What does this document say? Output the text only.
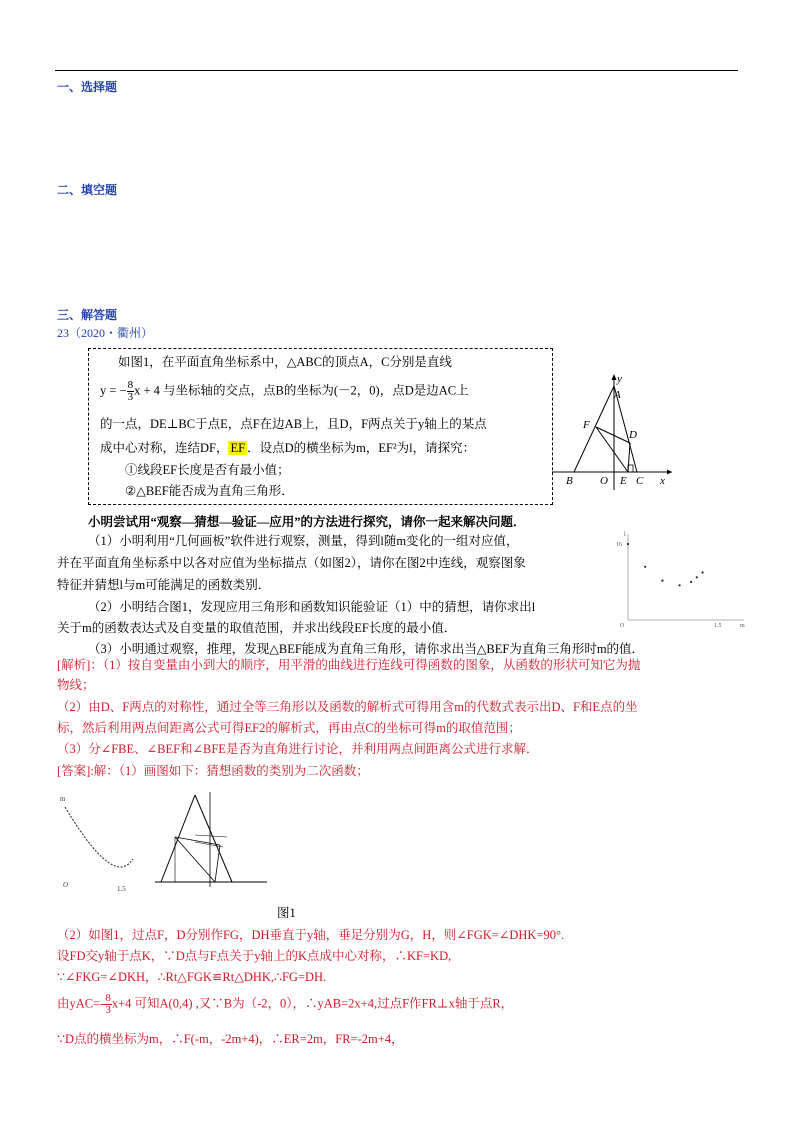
一、选择题
二、填空题
三、解答题
23（2020・衢州）
如图1，在平面直角坐标系中，△ABC的顶点A，C分别是直线
y = − $\frac{8}{3}$ x + 4 与坐标轴的交点，点B的坐标为(－2，0)，点D是边AC上
的一点，DE⊥BC于点E，点F在边AB上，且D，F两点关于y轴上的某点
成中心对称，连结DF， EF ．设点D的横坐标为m，EF²为l，请探究：
①线段EF长度是否有最小值；
②△BEF能否成为直角三角形．
y
A
F
D
B O E C x
小明尝试用“观察—猜想—验证—应用”的方法进行探究，请你一起来解决问题．
（1）小明利用“几何画板”软件进行观察，测量，得到l随m变化的一组对应值，
并在平面直角坐标系中以各对应值为坐标描点（如图2），请你在图2中连线，观察图象
特征并猜想l与m可能满足的函数类别．
（2）小明结合图1，发现应用三角形和函数知识能验证（1）中的猜想，请你求出l
关于m的函数表达式及自变量的取值范围，并求出线段EF长度的最小值．
（3）小明通过观察，推理，发现△BEF能成为直角三角形，请你求出当△BEF为直角三角形时m的值．
l
16
O	1.5	m
[解析]：（1）按自变量由小到大的顺序，用平滑的曲线进行连线可得函数的图象，从函数的形状可知它为抛
物线；
（2）由D、F两点的对称性，通过全等三角形以及函数的解析式可得用含m的代数式表示出D、F和E点的坐
标，然后利用两点间距离公式可得EF2的解析式，再由点C的坐标可得m的取值范围；
（3）分∠FBE、∠BEF和∠BFE是否为直角进行讨论，并利用两点间距离公式进行求解．
[答案]:解：（1）画图如下：猜想函数的类别为二次函数；
m
O	1.5
图1
（2）如图1，过点F，D分别作FG，DH垂直于y轴，垂足分别为G，H，则∠FGK=∠DHK=90°.
设FD交y轴于点K，∵D点与F点关于y轴上的K点成中心对称，∴KF=KD,
∵∠FKG=∠DKH，∴Rt△FGK≌Rt△DHK,∴FG=DH.
由$yAC=- \frac{8}{3} x+4$ 可知A(0,4) ,又∵B为（-2，0），∴yAB=2x+4,过点F作FR⊥x轴于点R，
∵D点的横坐标为m，∴F(-m，-2m+4)，∴ER=2m，FR=-2m+4，
